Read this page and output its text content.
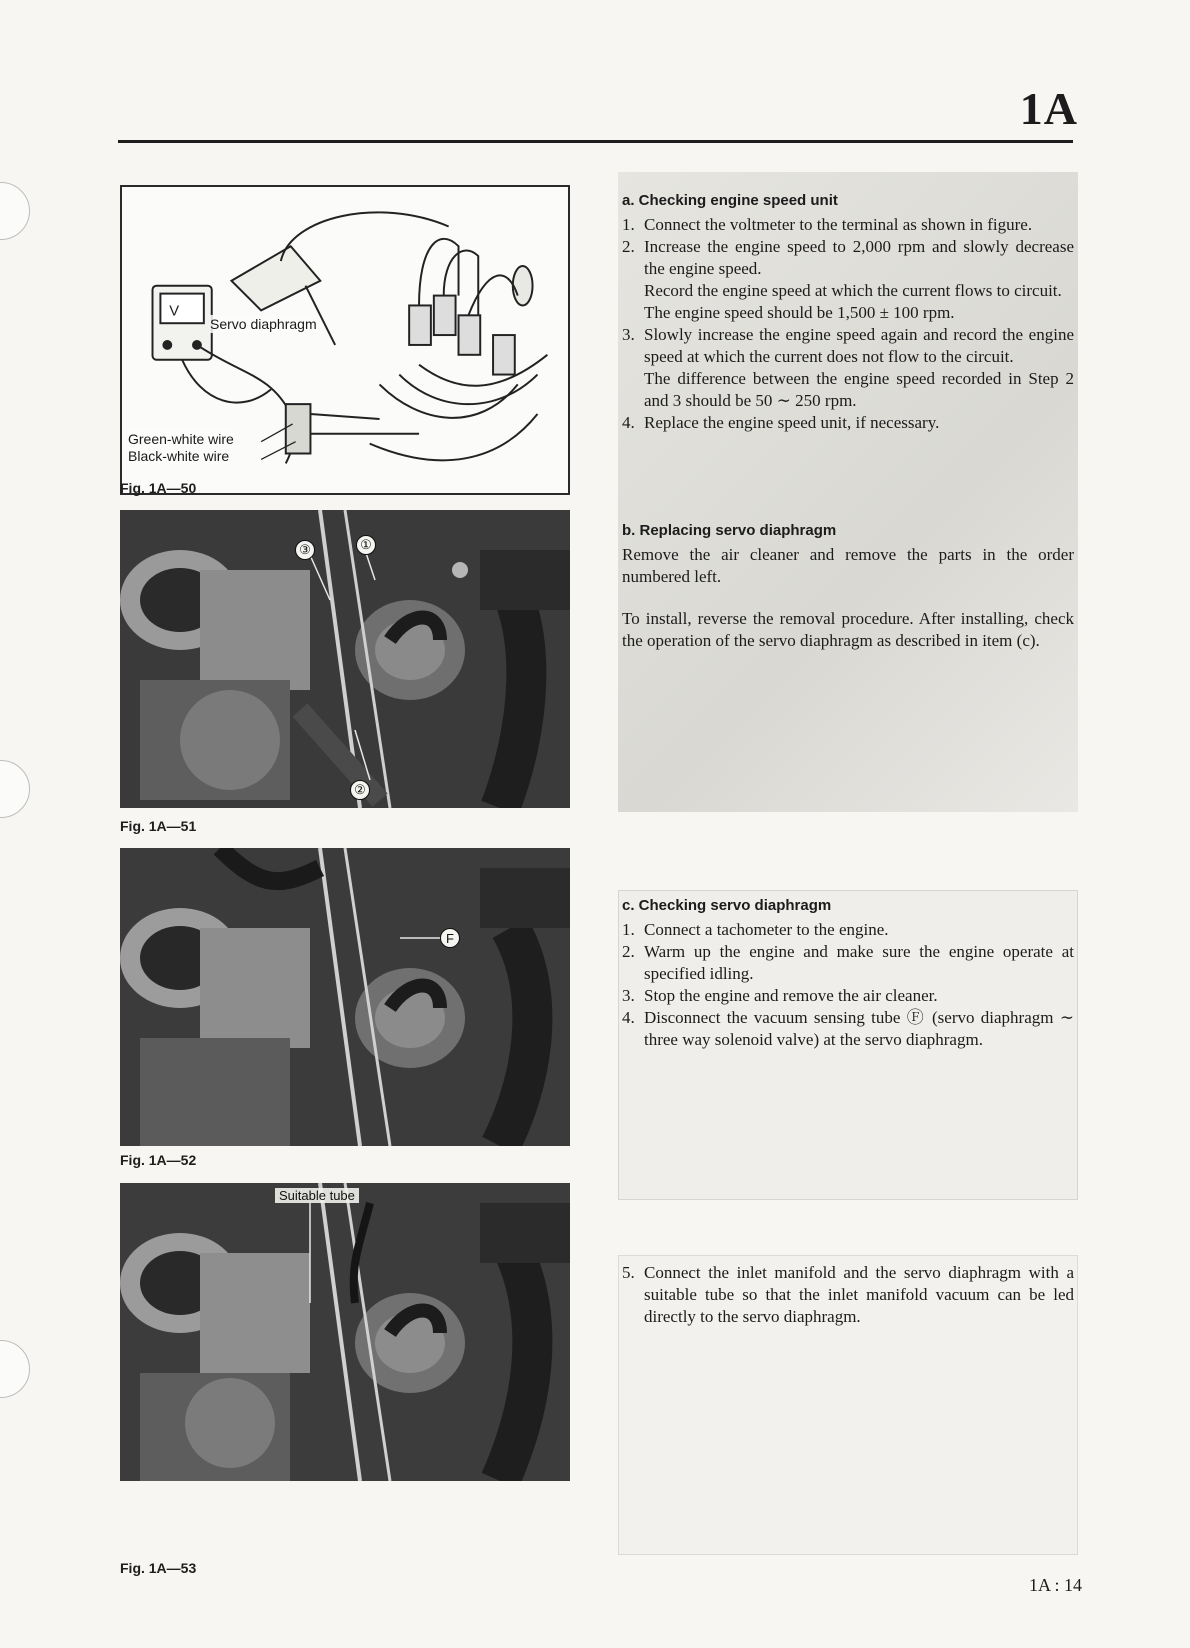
1A
V
Servo diaphragm
Green-white wire
Black-white wire
Fig. 1A—50
①
③
②
Fig. 1A—51
F
Fig. 1A—52
Suitable tube
Fig. 1A—53
a. Checking engine speed unit
1. Connect the voltmeter to the terminal as shown in figure.
2. Increase the engine speed to 2,000 rpm and slowly decrease the engine speed.
Record the engine speed at which the current flows to circuit.
The engine speed should be 1,500 ± 100 rpm.
3. Slowly increase the engine speed again and record the engine speed at which the current does not flow to the circuit.
The difference between the engine speed recorded in Step 2 and 3 should be 50 ∼ 250 rpm.
4. Replace the engine speed unit, if necessary.
b. Replacing servo diaphragm

Remove the air cleaner and remove the parts in the order numbered left.

To install, reverse the removal procedure. After installing, check the operation of the servo diaphragm as described in item (c).

c. Checking servo diaphragm
1. Connect a tachometer to the engine.
2. Warm up the engine and make sure the engine operate at specified idling.
3. Stop the engine and remove the air cleaner.
4. Disconnect the vacuum sensing tube Ⓕ (servo diaphragm ∼ three way solenoid valve) at the servo diaphragm.
5. Connect the inlet manifold and the servo diaphragm with a suitable tube so that the inlet manifold vacuum can be led directly to the servo diaphragm.
1A : 14
